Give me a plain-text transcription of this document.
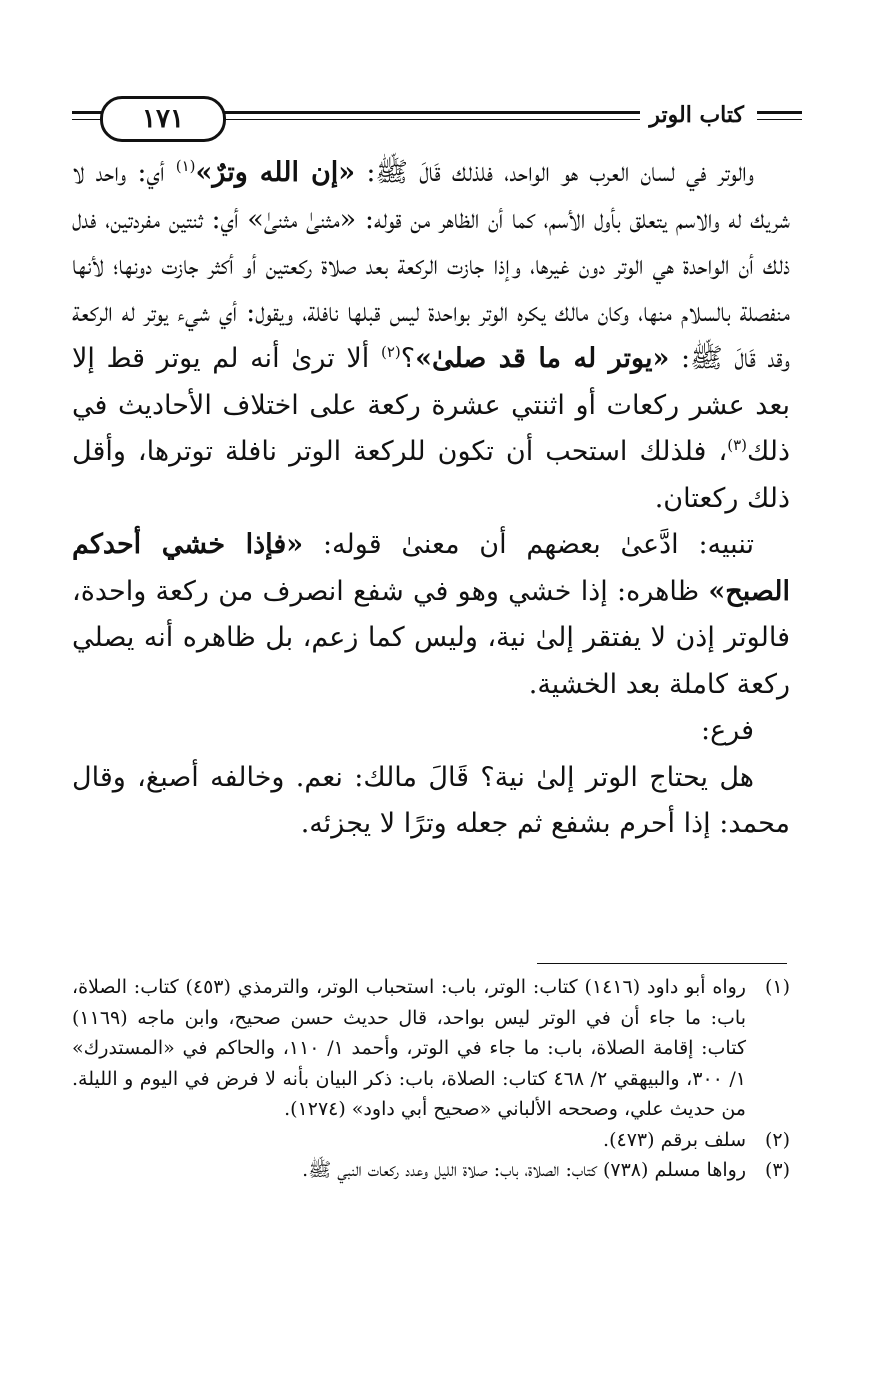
١٧١	كتاب الوتر

والوتر في لسان العرب هو الواحد، فلذلك قَالَ ﷺ: «إن الله وترٌ»$^{(١)}$ أي: واحد لا شريك له والاسم يتعلق بأول الأسم، كما أن الظاهر من قوله: «مثنىٰ مثنىٰ» أي: ثنتين مفردتين، فدل ذلك أن الواحدة هي الوتر دون غيرها، وإذا جازت الركعة بعد صلاة ركعتين أو أكثر جازت دونها؛ لأنها منفصلة بالسلام منها، وكان مالك يكره الوتر بواحدة ليس قبلها نافلة، ويقول: أي شيء يوتر له الركعة وقد قَالَ ﷺ: «يوتر له ما قد صلىٰ»؟$^{(٢)}$ ألا ترىٰ أنه لم يوتر قط إلا بعد عشر ركعات أو اثنتي عشرة ركعة على اختلاف الأحاديث في ذلك$^{(٣)}$، فلذلك استحب أن تكون للركعة الوتر نافلة توترها، وأقل ذلك ركعتان.

تنبيه: ادَّعىٰ بعضهم أن معنىٰ قوله: «فإذا خشي أحدكم الصبح» ظاهره: إذا خشي وهو في شفع انصرف من ركعة واحدة، فالوتر إذن لا يفتقر إلىٰ نية، وليس كما زعم، بل ظاهره أنه يصلي ركعة كاملة بعد الخشية.

فرع:

هل يحتاج الوتر إلىٰ نية؟ قَالَ مالك: نعم. وخالفه أصبغ، وقال محمد: إذا أحرم بشفع ثم جعله وترًا لا يجزئه.

(١)
رواه أبو داود (١٤١٦) كتاب: الوتر، باب: استحباب الوتر، والترمذي (٤٥٣) كتاب: الصلاة، باب: ما جاء أن في الوتر ليس بواحد، قال حديث حسن صحيح، وابن ماجه (١١٦٩) كتاب: إقامة الصلاة، باب: ما جاء في الوتر، وأحمد ١/ ١١٠، والحاكم في «المستدرك» ١/ ٣٠٠، والبيهقي ٢/ ٤٦٨ كتاب: الصلاة، باب: ذكر البيان بأنه لا فرض في اليوم و الليلة. من حديث علي، وصححه الألباني «صحيح أبي داود» (١٢٧٤).
(٢)
سلف برقم (٤٧٣).
(٣)
رواها مسلم (٧٣٨) كتاب: الصلاة، باب: صلاة الليل وعدد ركعات النبي ﷺ.
